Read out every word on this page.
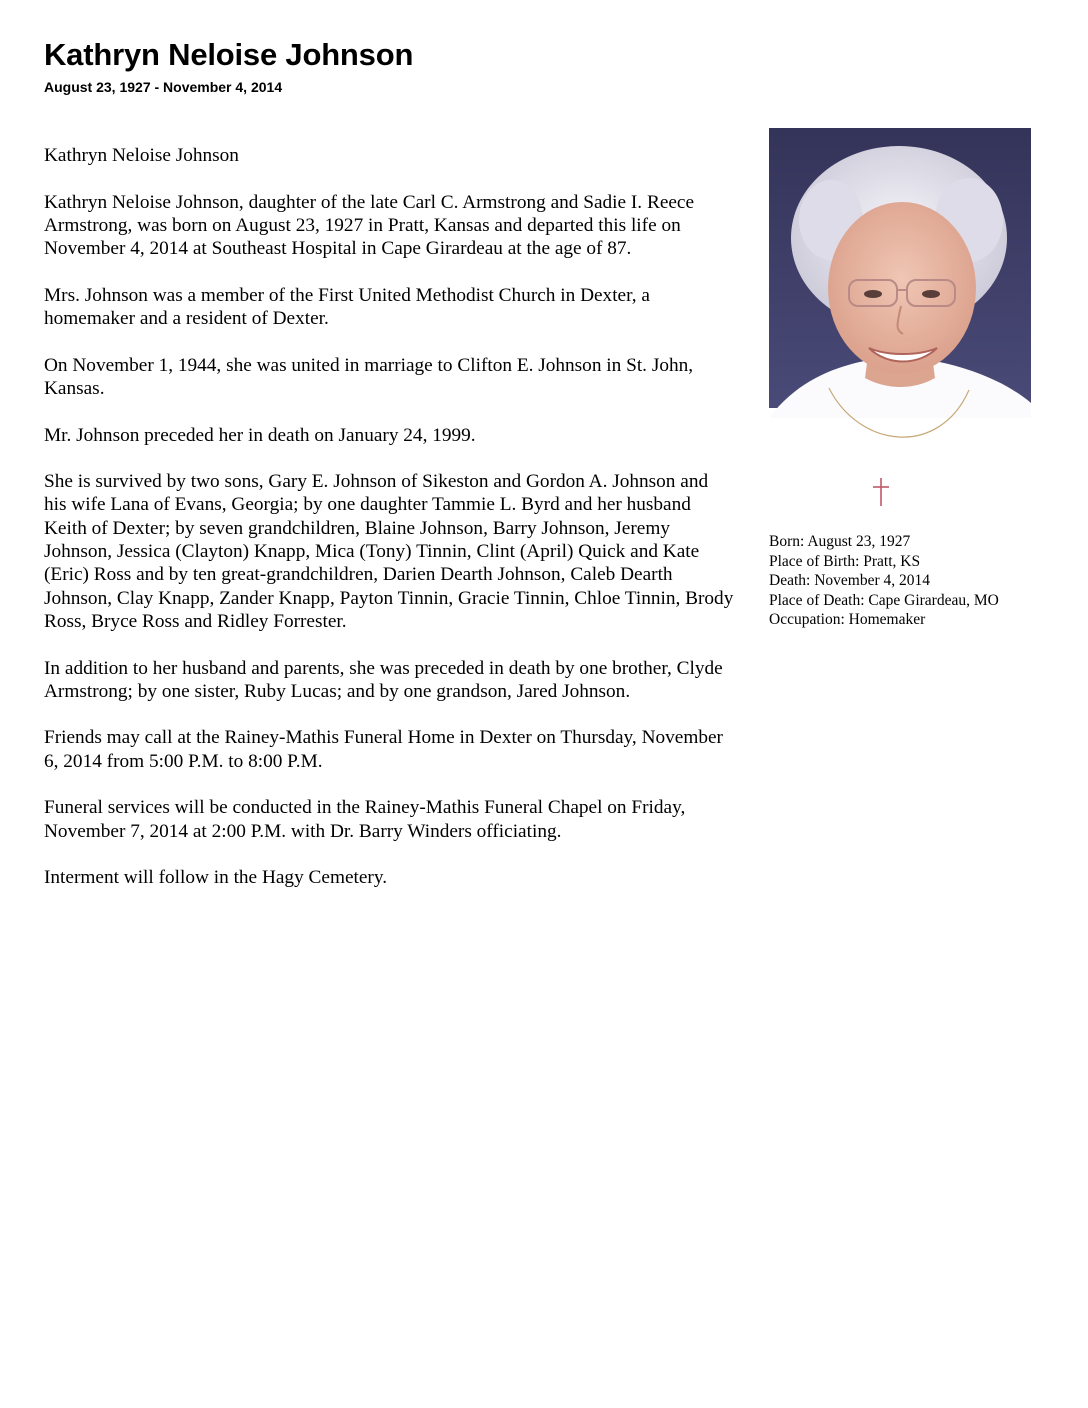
Kathryn Neloise Johnson
August 23, 1927 - November 4, 2014

Kathryn Neloise Johnson

Kathryn Neloise Johnson, daughter of the late Carl C. Armstrong and Sadie I. Reece Armstrong, was born on August 23, 1927 in Pratt, Kansas and departed this life on November 4, 2014 at Southeast Hospital in Cape Girardeau at the age of 87.

Mrs. Johnson was a member of the First United Methodist Church in Dexter, a homemaker and a resident of Dexter.

On November 1, 1944, she was united in marriage to Clifton E. Johnson in St. John, Kansas.

Mr. Johnson preceded her in death on January 24, 1999.

She is survived by two sons, Gary E. Johnson of Sikeston and Gordon A. Johnson and his wife Lana of Evans, Georgia; by one daughter Tammie L. Byrd and her husband Keith of Dexter; by seven grandchildren, Blaine Johnson, Barry Johnson, Jeremy Johnson, Jessica (Clayton) Knapp, Mica (Tony) Tinnin, Clint (April) Quick and Kate (Eric) Ross and by ten great-grandchildren, Darien Dearth Johnson, Caleb Dearth Johnson, Clay Knapp, Zander Knapp, Payton Tinnin, Gracie Tinnin, Chloe Tinnin, Brody Ross, Bryce Ross and Ridley Forrester.

In addition to her husband and parents, she was preceded in death by one brother, Clyde Armstrong; by one sister, Ruby Lucas; and by one grandson, Jared Johnson.

Friends may call at the Rainey-Mathis Funeral Home in Dexter on Thursday, November 6, 2014 from 5:00 P.M. to 8:00 P.M.

Funeral services will be conducted in the Rainey-Mathis Funeral Chapel on Friday, November 7, 2014 at 2:00 P.M. with Dr. Barry Winders officiating.

Interment will follow in the Hagy Cemetery.

Born: August 23, 1927
Place of Birth: Pratt, KS
Death: November 4, 2014
Place of Death: Cape Girardeau, MO
Occupation: Homemaker
